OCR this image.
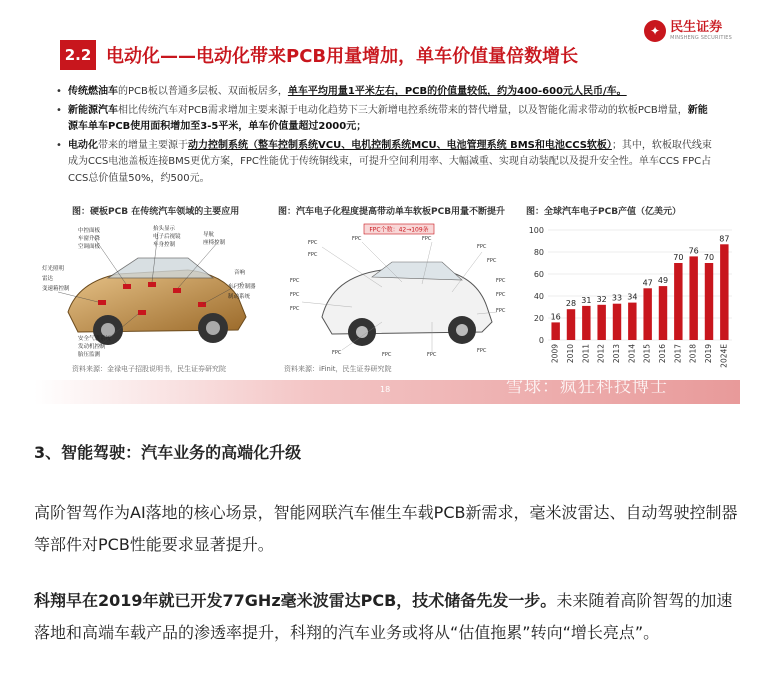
✦ 民生证券
MINSHENG SECURITIES
2.2 电动化——电动化带来PCB用量增加，单车价值量倍数增长
• 传统燃油车的PCB板以普通多层板、双面板居多，单车平均用量1平米左右，PCB的价值量较低，约为400-600元人民币/车。
• 新能源汽车相比传统汽车对PCB需求增加主要来源于电动化趋势下三大新增电控系统带来的替代增量，以及智能化需求带动的软板PCB增量，新能源车单车PCB使用面积增加至3-5平米，单车价值量超过2000元；
• 电动化带来的增量主要源于动力控制系统（整车控制系统VCU、电机控制系统MCU、电池管理系统 BMS和电池CCS软板）；其中，软板取代线束成为CCS电池盖板连接BMS更优方案，FPC性能优于传统铜线束，可提升空间利用率、大幅减重、实现自动装配以及提升安全性。单车CCS FPC占CCS总价值量50%，约500元。
图：硬板PCB 在传统汽车领域的主要应用	图：汽车电子化程度提高带动单车软板PCB用量不断提升 图：全球汽车电子PCB产值（亿美元）
中控面板
车窗升降
空调面板
抬头显示
电子后视镜
车身控制
导航
座椅控制
灯光照明
雷达
变速箱控制
安全气囊系统
发动机控制
胎压监测
音响
车门控制器
制动系统
FPC个数：42→109条
FPC
FPC
FPC	FPC
FPC
FPC
FPC
FPC
FPC
FPC
FPC
FPC
FPC	FPC	FPC
FPC
0
20
40
60
80
100
16
2009
28
2010
31
2011
32
2012
33
2013
34
2014
47
2015
49
2016
70
2017
76
2018
70
2019
87
2024E
资料来源：金禄电子招股说明书，民生证券研究院	资料来源：iFinit，民生证券研究院
18	雪球：疯狂科技博士
3、智能驾驶：汽车业务的高端化升级
高阶智驾作为AI落地的核心场景，智能网联汽车催生车载PCB新需求，毫米波雷达、自动驾驶控制器等部件对PCB性能要求显著提升。
科翔早在2019年就已开发77GHz毫米波雷达PCB，技术储备先发一步。未来随着高阶智驾的加速落地和高端车载产品的渗透率提升，科翔的汽车业务或将从“估值拖累”转向“增长亮点”。
